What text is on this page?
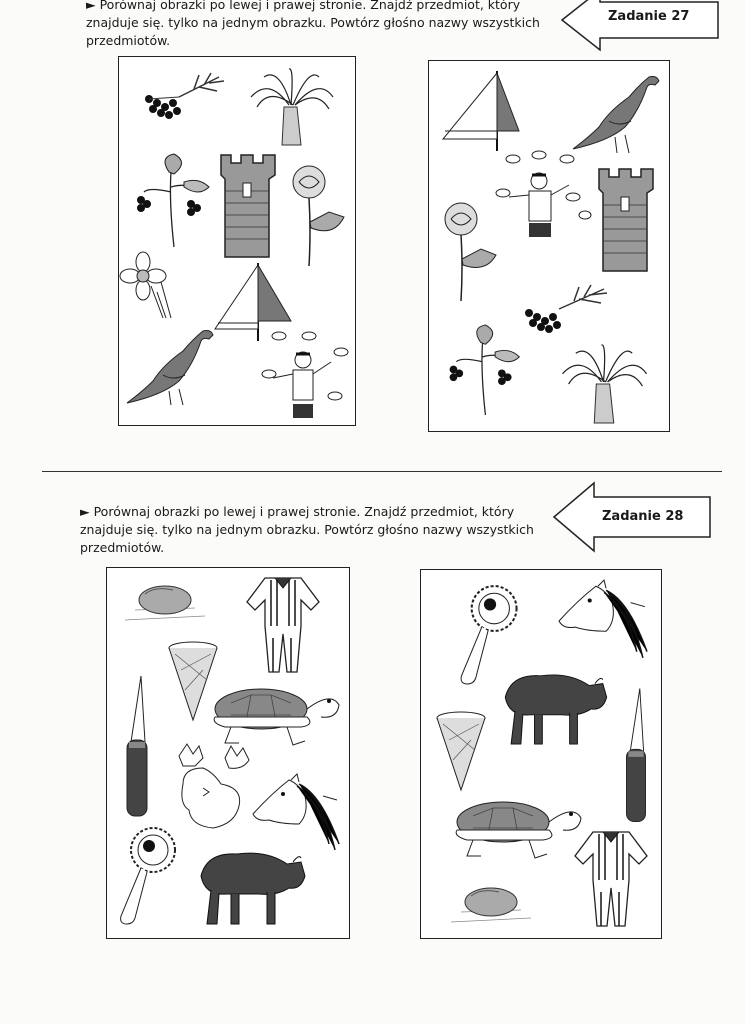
► Porównaj obrazki po lewej i prawej stronie. Znajdź przedmiot, który
znajduje się. tylko na jednym obrazku. Powtórz głośno nazwy wszystkich
przedmiotów.
Zadanie 27
► Porównaj obrazki po lewej i prawej stronie. Znajdź przedmiot, który
znajduje się. tylko na jednym obrazku. Powtórz głośno nazwy wszystkich
przedmiotów.
Zadanie 28
